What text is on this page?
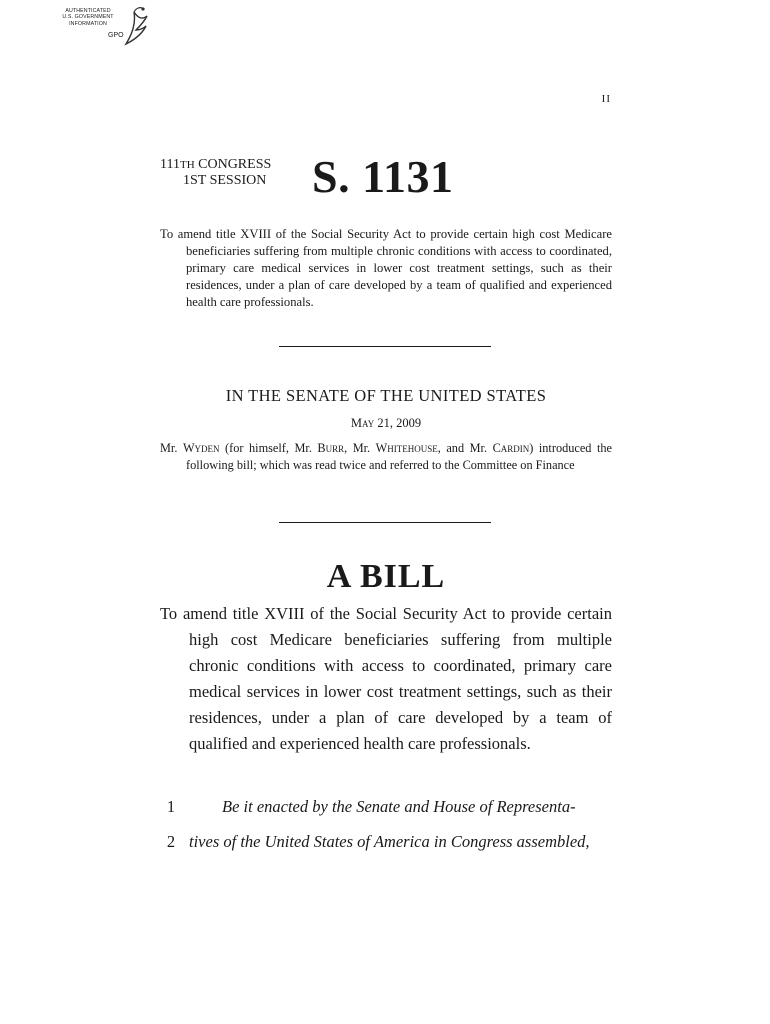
AUTHENTICATED
U.S. GOVERNMENT
INFORMATION
GPO
II
111TH CONGRESS
1ST SESSION S. 1131
To amend title XVIII of the Social Security Act to provide certain high cost Medicare beneficiaries suffering from multiple chronic conditions with access to coordinated, primary care medical services in lower cost treatment settings, such as their residences, under a plan of care developed by a team of qualified and experienced health care professionals.
IN THE SENATE OF THE UNITED STATES
May 21, 2009
Mr. Wyden (for himself, Mr. Burr, Mr. Whitehouse, and Mr. Cardin) introduced the following bill; which was read twice and referred to the Committee on Finance
A BILL
To amend title XVIII of the Social Security Act to provide certain high cost Medicare beneficiaries suffering from multiple chronic conditions with access to coordinated, primary care medical services in lower cost treatment settings, such as their residences, under a plan of care developed by a team of qualified and experienced health care professionals.
1	Be it enacted by the Senate and House of Representa-
2 tives of the United States of America in Congress assembled,
